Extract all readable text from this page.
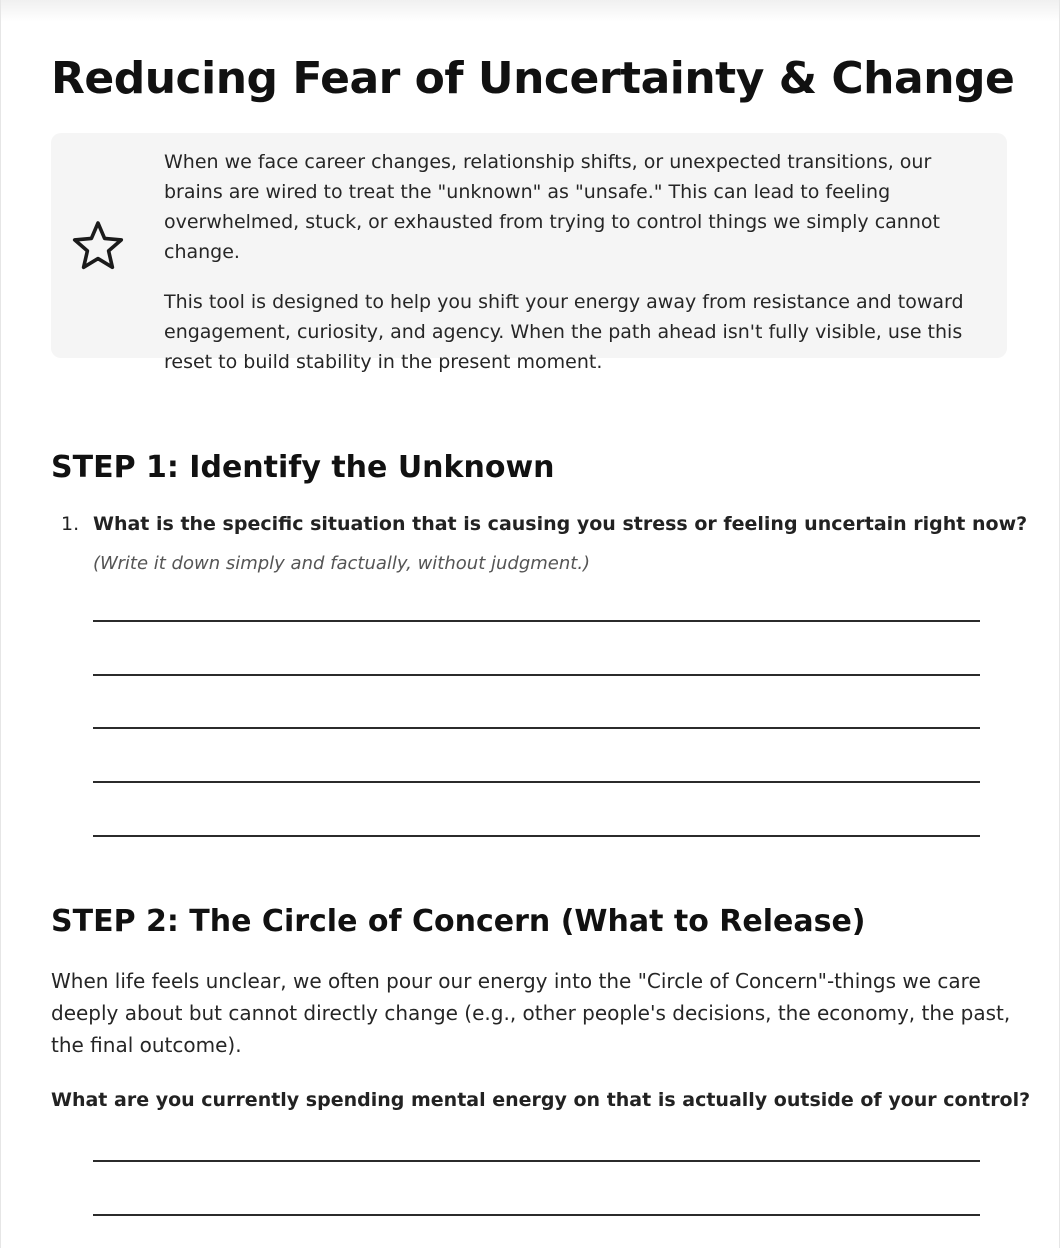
Reducing Fear of Uncertainty & Change

When we face career changes, relationship shifts, or unexpected transitions, our brains are wired to treat the "unknown" as "unsafe." This can lead to feeling overwhelmed, stuck, or exhausted from trying to control things we simply cannot change.

This tool is designed to help you shift your energy away from resistance and toward engagement, curiosity, and agency. When the path ahead isn't fully visible, use this reset to build stability in the present moment.

STEP 1: Identify the Unknown
1. What is the specific situation that is causing you stress or feeling uncertain right now?
(Write it down simply and factually, without judgment.)
STEP 2: The Circle of Concern (What to Release)

When life feels unclear, we often pour our energy into the "Circle of Concern"-things we care deeply about but cannot directly change (e.g., other people's decisions, the economy, the past, the final outcome).

What are you currently spending mental energy on that is actually outside of your control?
